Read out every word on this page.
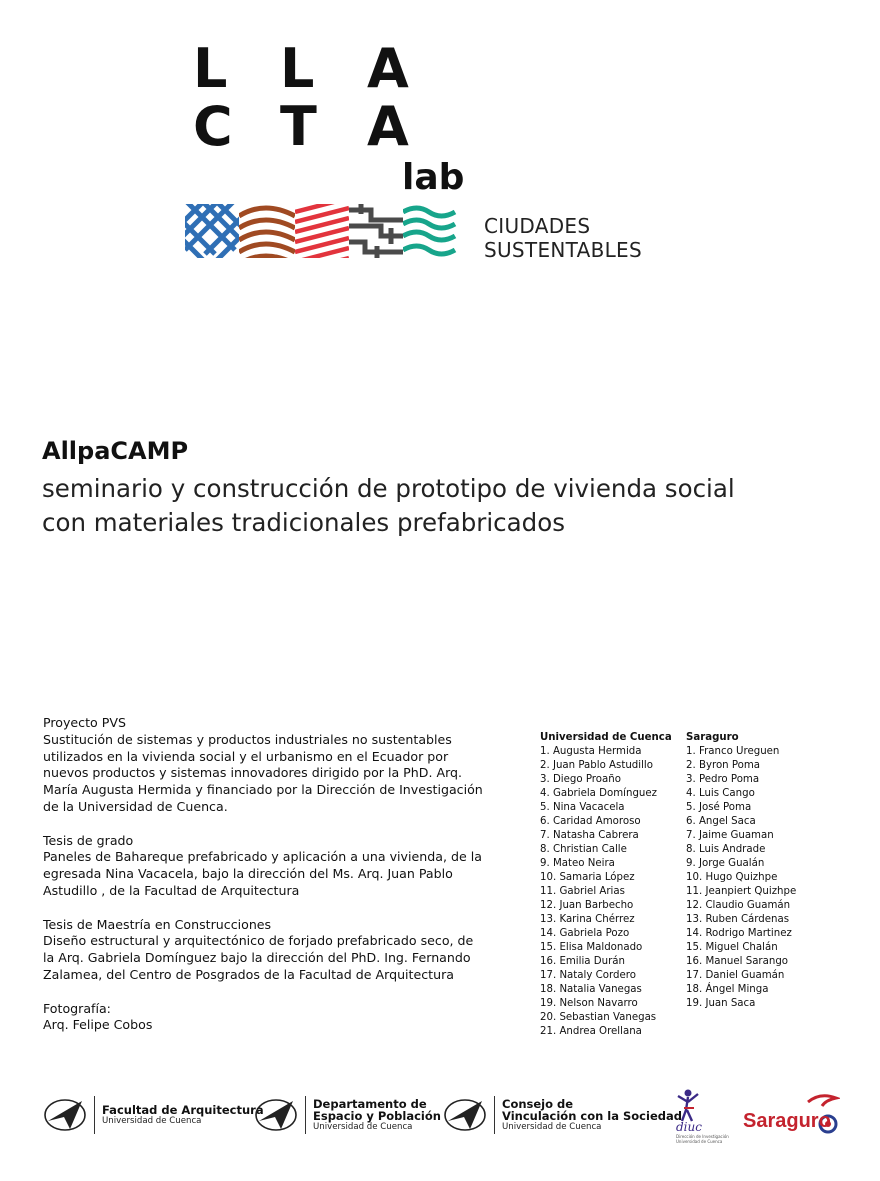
L L A
C T A
lab
CIUDADES
SUSTENTABLES
AllpaCAMP
seminario y construcción de prototipo de vivienda social
con materiales tradicionales prefabricados

Proyecto PVS
Sustitución de sistemas y productos industriales no sustentables utilizados en la vivienda social y el urbanismo en el Ecuador por nuevos productos y sistemas innovadores dirigido por la PhD. Arq. María Augusta Hermida y financiado por la Dirección de Investigación de la Universidad de Cuenca.

Tesis de grado
Paneles de Bahareque prefabricado y aplicación a una vivienda, de la egresada Nina Vacacela, bajo la dirección del Ms. Arq. Juan Pablo Astudillo , de la Facultad de Arquitectura

Tesis de Maestría en Construcciones
Diseño estructural y arquitectónico de forjado prefabricado seco, de la Arq. Gabriela Domínguez bajo la dirección del PhD. Ing. Fernando Zalamea, del Centro de Posgrados de la Facultad de Arquitectura

Fotografía:
Arq. Felipe Cobos

Universidad de Cuenca
1. Augusta Hermida
2. Juan Pablo Astudillo
3. Diego Proaño
4. Gabriela Domínguez
5. Nina Vacacela
6. Caridad Amoroso
7. Natasha Cabrera
8. Christian Calle
9. Mateo Neira
10. Samaria López
11. Gabriel Arias
12. Juan Barbecho
13. Karina Chérrez
14. Gabriela Pozo
15. Elisa Maldonado
16. Emilia Durán
17. Nataly Cordero
18. Natalia Vanegas
19. Nelson Navarro
20. Sebastian Vanegas
21. Andrea Orellana
Saraguro
1. Franco Ureguen
2. Byron Poma
3. Pedro Poma
4. Luis Cango
5. José Poma
6. Angel Saca
7. Jaime Guaman
8. Luis Andrade
9. Jorge Gualán
10. Hugo Quizhpe
11. Jeanpiert Quizhpe
12. Claudio Guamán
13. Ruben Cárdenas
14. Rodrigo Martinez
15. Miguel Chalán
16. Manuel Sarango
17. Daniel Guamán
18. Ángel Minga
19. Juan Saca
Facultad de Arquitectura
Universidad de Cuenca
Departamento de
Espacio y Población
Universidad de Cuenca
Consejo de
Vinculación con la Sociedad
Universidad de Cuenca	diuc
Dirección de Investigación Universidad de Cuenca
Saraguro
